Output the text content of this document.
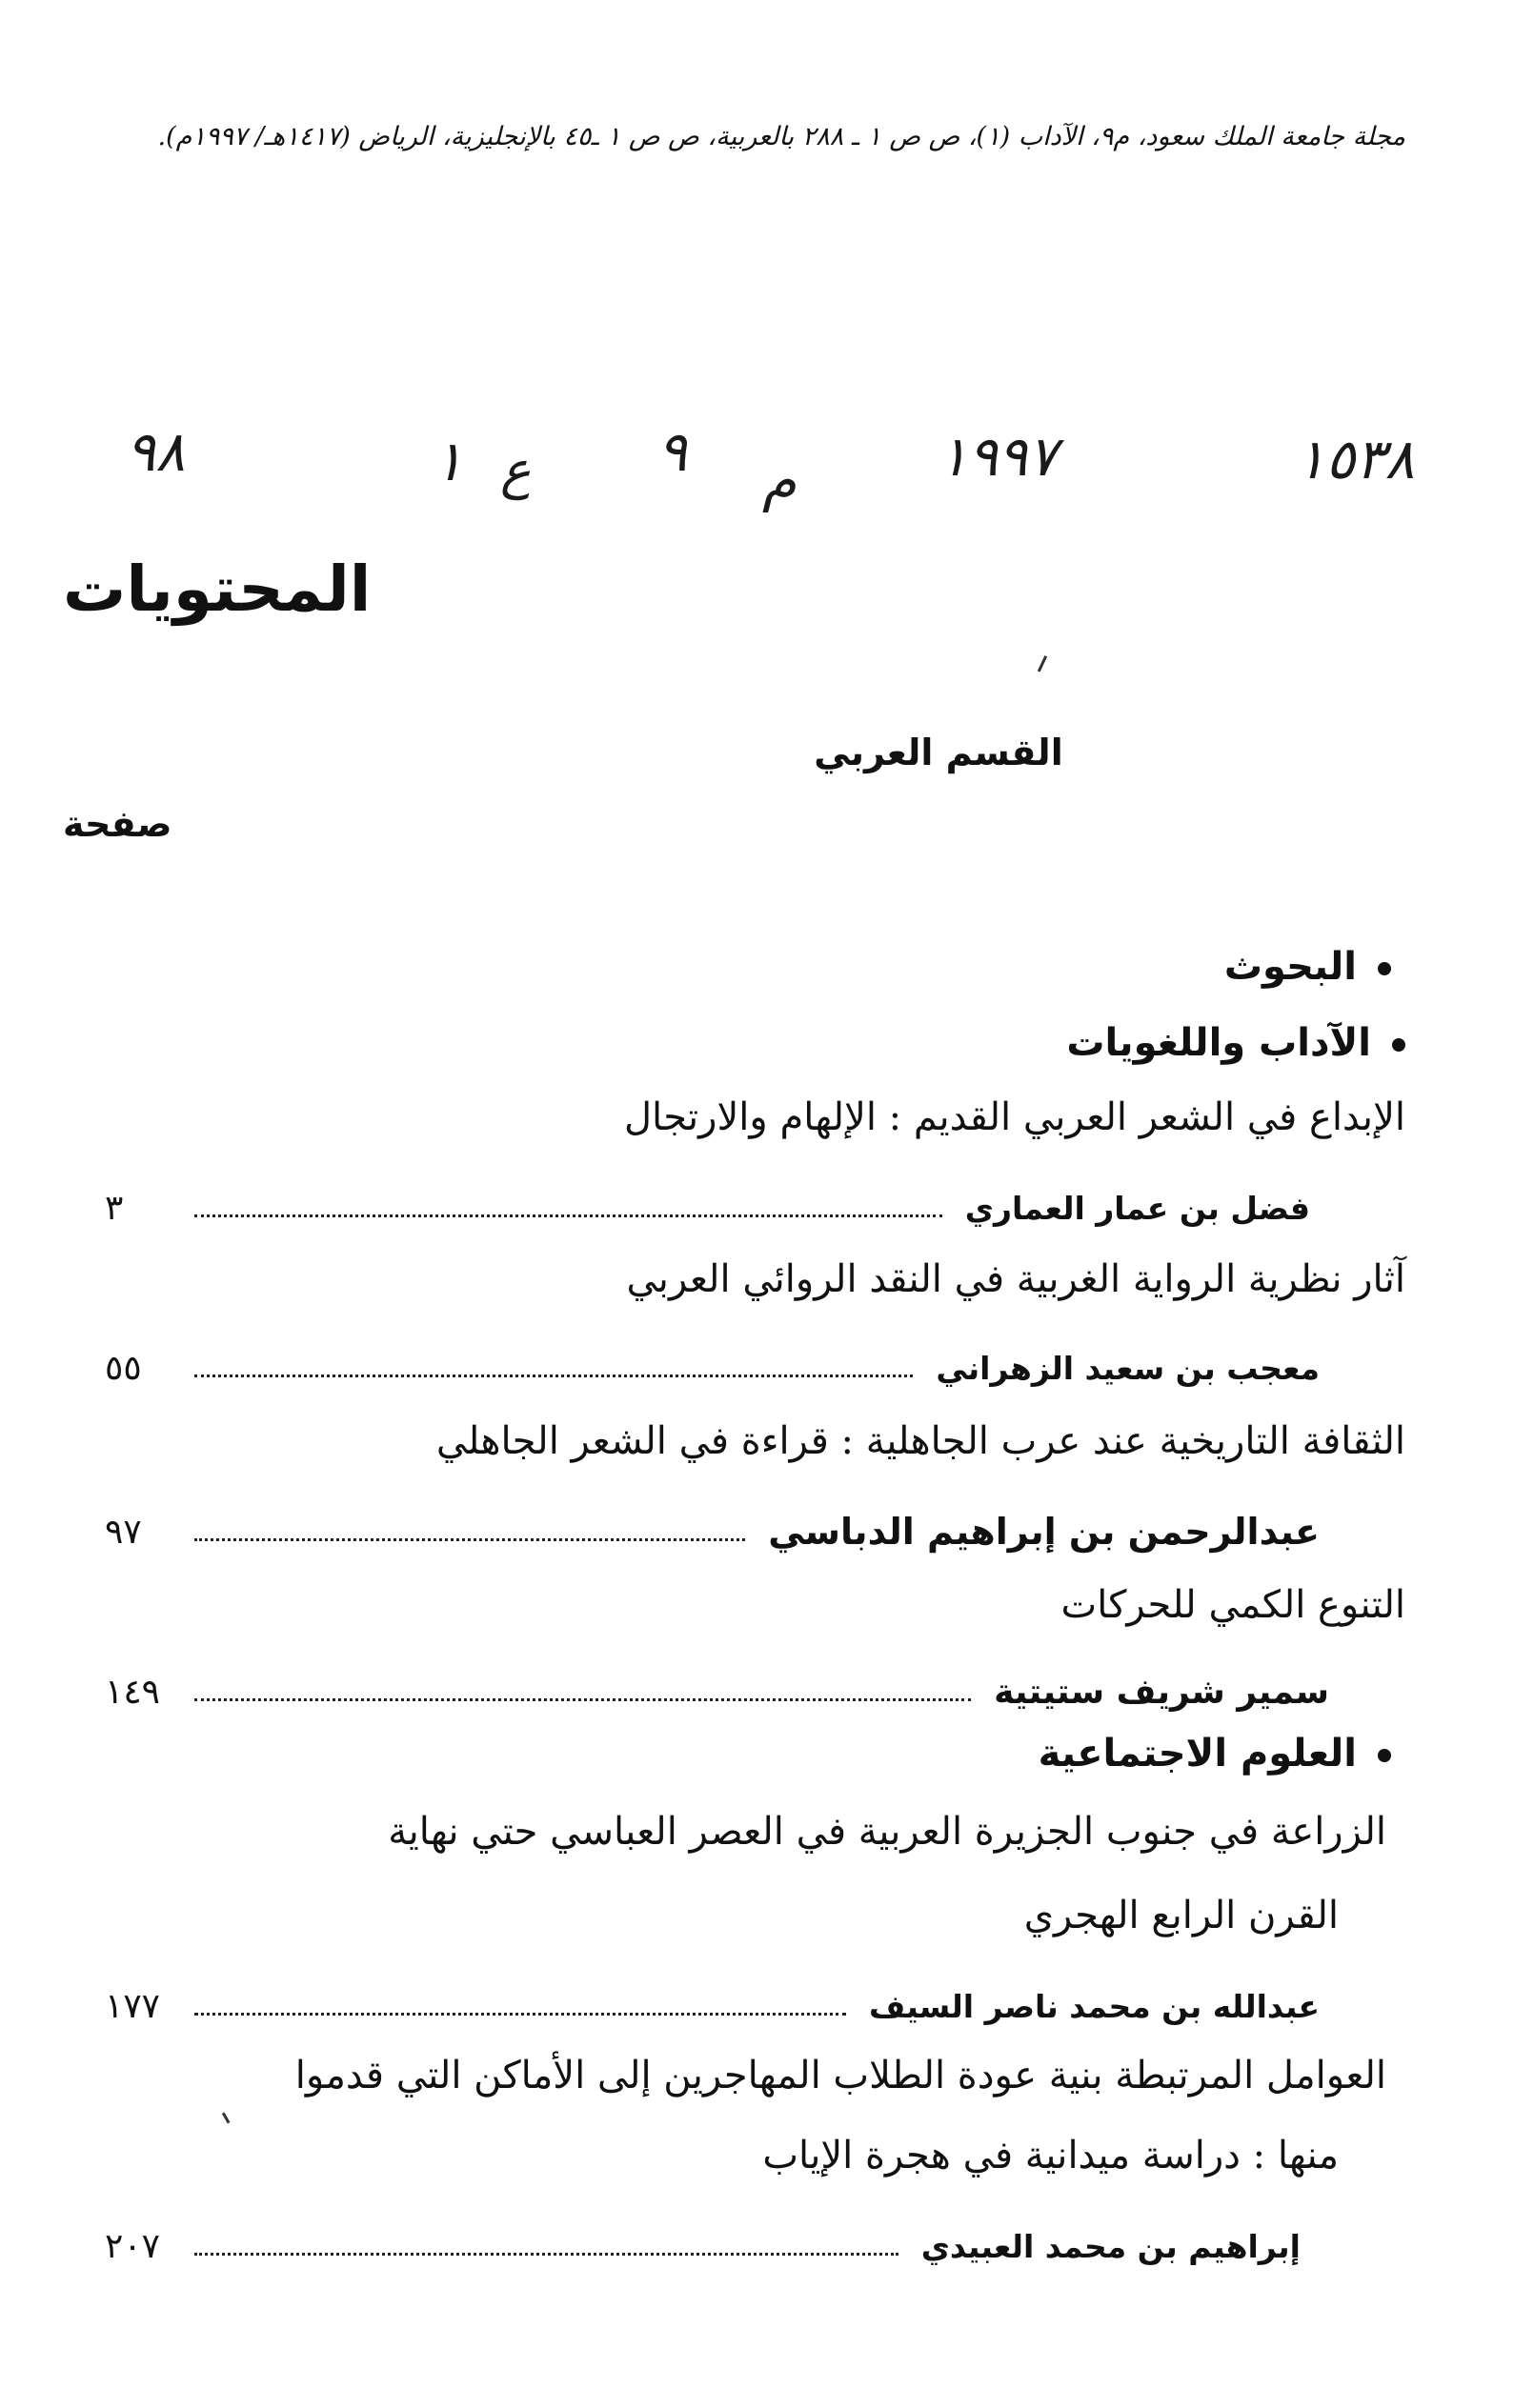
مجلة جامعة الملك سعود، م٩، الآداب (١)، ص ص ١ ـ ٢٨٨ بالعربية، ص ص ١ ـ٤٥ بالإنجليزية، الرياض (١٤١٧هـ/ ١٩٩٧م).
٩٨	١ ع ٩ م	١٩٩٧	١٥٣٨
المحتويات
القسم العربي
صفحة
البحوث
الآداب واللغويات
الإبداع في الشعر العربي القديم : الإلهام والارتجال
فضل بن عمار العماري
٣
آثار نظرية الرواية الغربية في النقد الروائي العربي
معجب بن سعيد الزهراني
٥٥
الثقافة التاريخية عند عرب الجاهلية : قراءة في الشعر الجاهلي
عبدالرحمن بن إبراهيم الدباسي
٩٧
التنوع الكمي للحركات
سمير شريف ستيتية
١٤٩
العلوم الاجتماعية
الزراعة في جنوب الجزيرة العربية في العصر العباسي حتي نهاية
القرن الرابع الهجري
عبدالله بن محمد ناصر السيف
١٧٧
العوامل المرتبطة بنية عودة الطلاب المهاجرين إلى الأماكن التي قدموا
منها : دراسة ميدانية في هجرة الإياب
إبراهيم بن محمد العبيدي
٢٠٧
